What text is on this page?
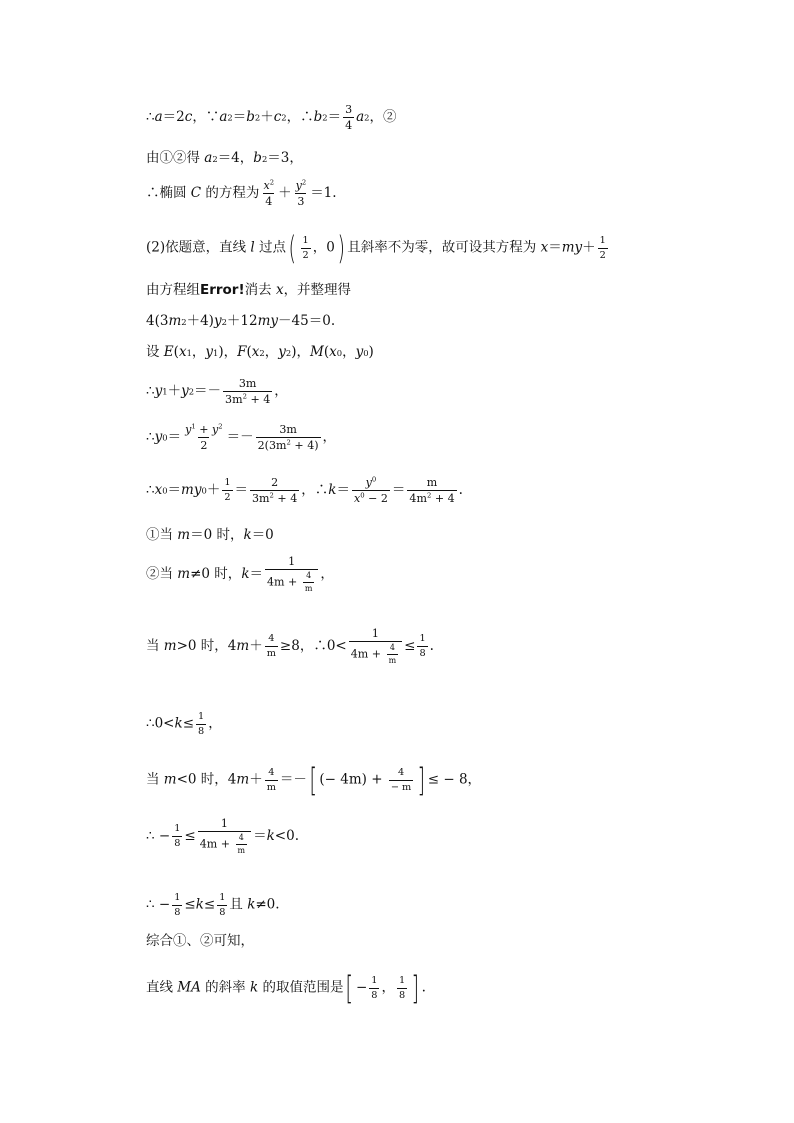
∴a＝2c，∵a2＝b2＋c2，∴b2＝ $\frac{3}{4} a2$，②
由①②得 a2＝4，b2＝3，
∴椭圆 C 的方程为 $\frac{x^2}{4} + \frac{y^2}{3} =1$.
(2)依题意，直线 l 过点( $\frac{1}{2}$ ，0) 且斜率不为零，故可设其方程为 $x=my+ \frac{1}{2}$
由方程组Error!消去 x，并整理得
4(3m2＋4)y2＋12my－45＝0.
设 E(x1，y1)，F(x2，y2)，M(x0，y0)
∴y1＋y2＝－ $\frac{3m}{3m^2 + 4}$ ，
∴y0＝ $\frac{y^1 + y^2}{2} =- \frac{3m}{2(3m^2 + 4)}$ ，
∴x0＝my0＋ $\frac{1}{2} = \frac{2}{3m^2 + 4}$ ，∴k＝ $\frac{y^0}{x^0 - 2} = \frac{m}{4m^2 + 4}$ .
①当 m＝0 时，k＝0
②当 m≠0 时，$k= \frac{1}{4m + \frac{4}{m}}$ ，
当 m>0 时，$4m+ \frac{4}{m} \ge 8$，∴0< $\frac{1}{4m + \frac{4}{m}} \le \frac{1}{8}$ .
∴0<k≤ $\frac{1}{8}$ ，
当 m<0 时，$4m+ \frac{4}{m}$ ＝－[ (− $4m) + \frac{4}{- m}$ ] ≤ − 8，
∴ − $\frac{1}{8} \le \frac{1}{4m + \frac{4}{m}} =k<0$.
∴ − $\frac{1}{8} \le k\le \frac{1}{8}$ 且 k≠0.
综合①、②可知，
直线 MA 的斜率 k 的取值范围是[ − $\frac{1}{8}$ ， $\frac{1}{8}$ ] .
